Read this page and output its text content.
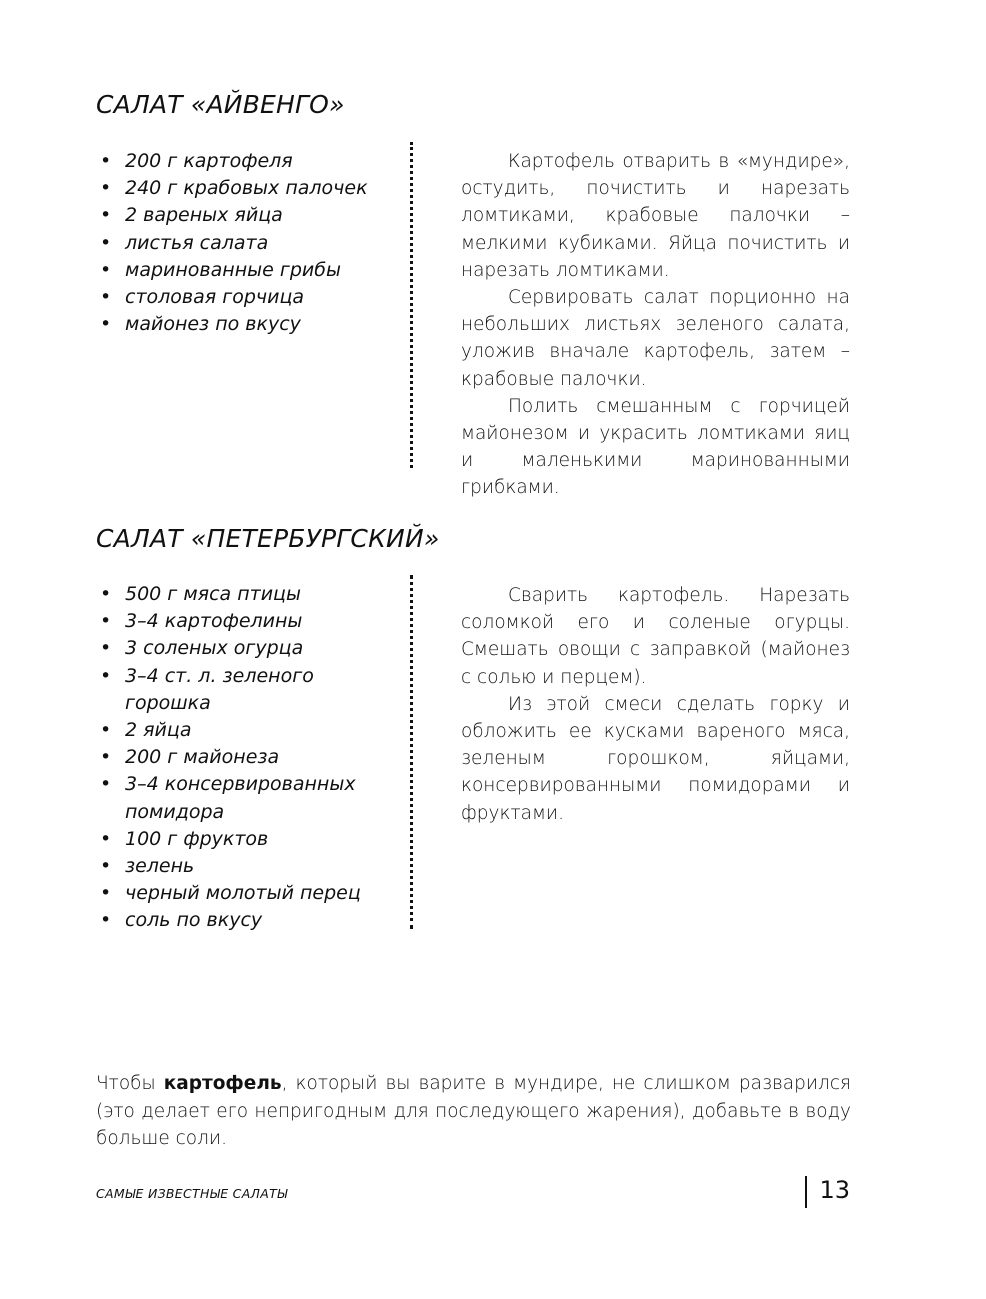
САЛАТ «АЙВЕНГО»
• 200 г картофеля
• 240 г крабовых палочек
• 2 вареных яйца
• листья салата
• маринованные грибы
• столовая горчица
• майонез по вкусу

Картофель отварить в «мундире», остудить, почистить и нарезать ломтиками, крабовые палочки – мелкими кубиками. Яйца почистить и нарезать ломтиками.

Сервировать салат порционно на небольших листьях зеленого салата, уложив вначале картофель, затем – крабовые палочки.

Полить смешанным с горчицей майонезом и украсить ломтиками яиц и маленькими маринованными грибками.

САЛАТ «ПЕТЕРБУРГСКИЙ»
• 500 г мяса птицы
• 3–4 картофелины
• 3 соленых огурца
• 3–4 ст. л. зеленого горошка
• 2 яйца
• 200 г майонеза
• 3–4 консервированных помидора
• 100 г фруктов
• зелень
• черный молотый перец
• соль по вкусу

Сварить картофель. Нарезать соломкой его и соленые огурцы. Смешать овощи с заправкой (майонез с солью и перцем).

Из этой смеси сделать горку и обложить ее кусками вареного мяса, зеленым горошком, яйцами, консервированными помидорами и фруктами.

Чтобы картофель, который вы варите в мундире, не слишком разварился (это делает его непригодным для последующего жарения), добавьте в воду больше соли.
САМЫЕ ИЗВЕСТНЫЕ САЛАТЫ	13
